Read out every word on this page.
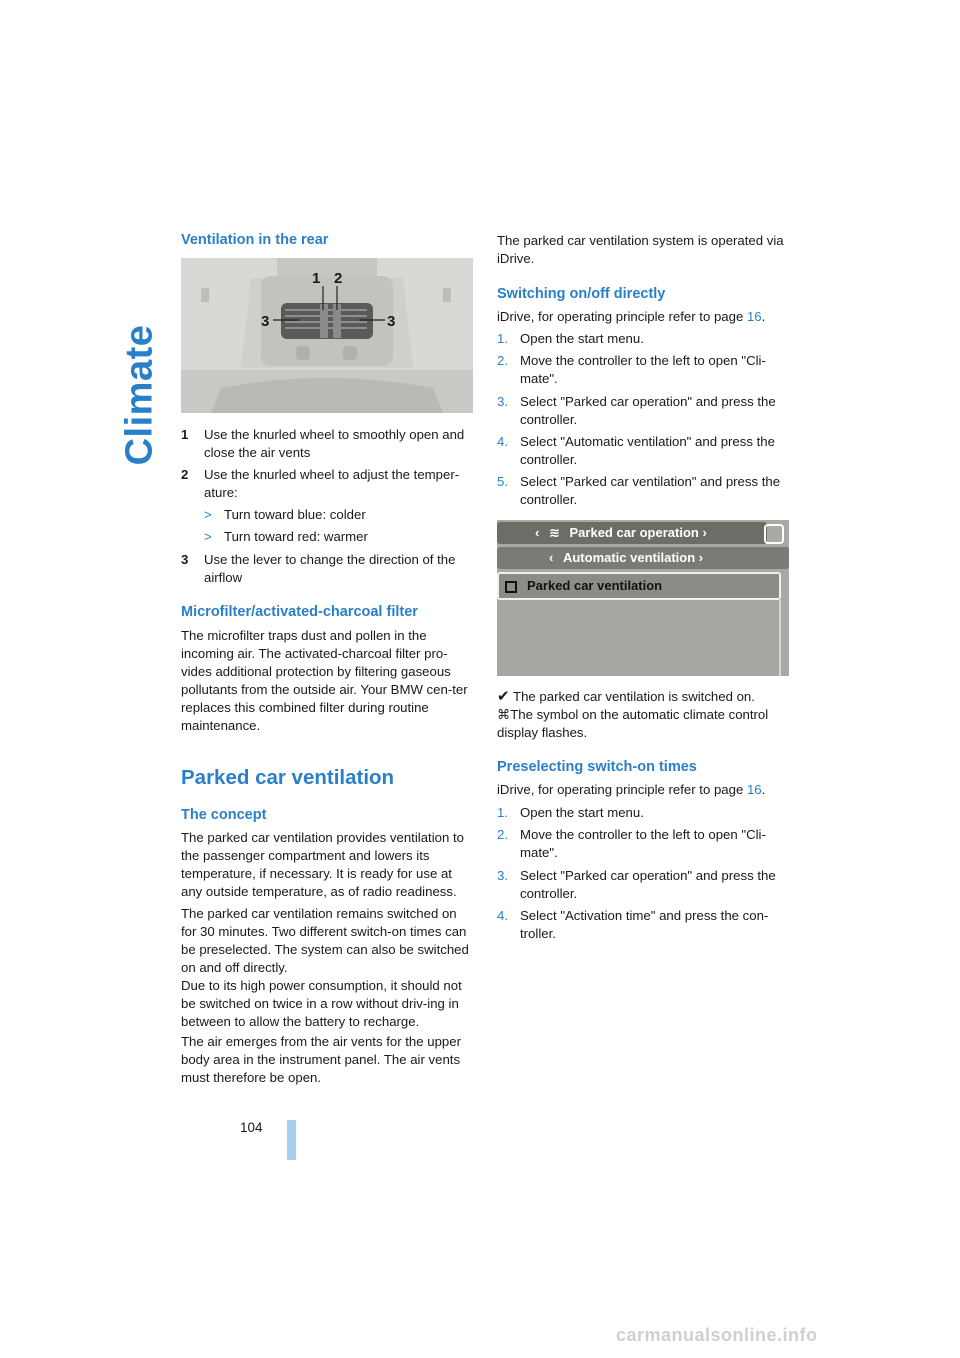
Climate
Ventilation in the rear
1 2
3	3
1 Use the knurled wheel to smoothly open and close the air vents
2 Use the knurled wheel to adjust the temper-ature:
> Turn toward blue: colder
> Turn toward red: warmer
3 Use the lever to change the direction of the airflow
Microfilter/activated-charcoal filter

The microfilter traps dust and pollen in the incoming air. The activated-charcoal filter pro-vides additional protection by filtering gaseous pollutants from the outside air. Your BMW cen-ter replaces this combined filter during routine maintenance.

Parked car ventilation
The concept

The parked car ventilation provides ventilation to the passenger compartment and lowers its temperature, if necessary. It is ready for use at any outside temperature, as of radio readiness.

The parked car ventilation remains switched on for 30 minutes. Two different switch-on times can be preselected. The system can also be switched on and off directly.

Due to its high power consumption, it should not be switched on twice in a row without driv-ing in between to allow the battery to recharge.

The air emerges from the air vents for the upper body area in the instrument panel. The air vents must therefore be open.

The parked car ventilation system is operated via iDrive.

Switching on/off directly

iDrive, for operating principle refer to page 16.

1. Open the start menu.
2. Move the controller to the left to open "Cli-mate".
3. Select "Parked car operation" and press the controller.
4. Select "Automatic ventilation" and press the controller.
5. Select "Parked car ventilation" and press the controller.
‹ ≋ Parked car operation ›
‹ Automatic ventilation ›
Parked car ventilation

✔ The parked car ventilation is switched on.

⌘The symbol on the automatic climate control display flashes.

Preselecting switch-on times

iDrive, for operating principle refer to page 16.

1. Open the start menu.
2. Move the controller to the left to open "Cli-mate".
3. Select "Parked car operation" and press the controller.
4. Select "Activation time" and press the con-troller.
104
carmanualsonline.info
